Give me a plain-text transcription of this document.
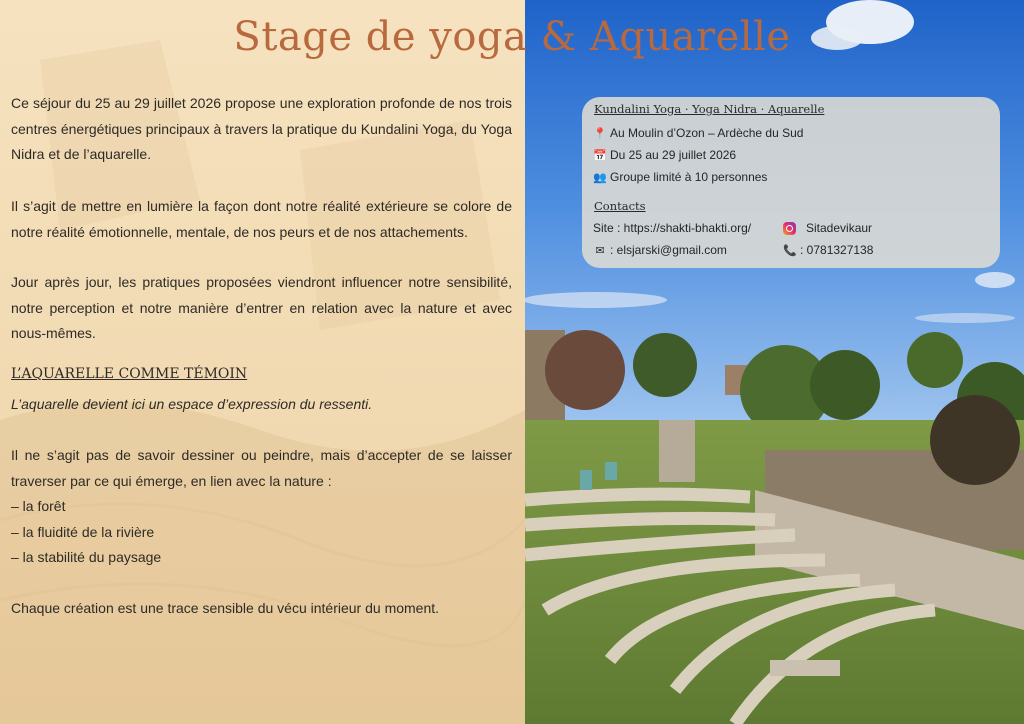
Stage de yoga & Aquarelle

Ce séjour du 25 au 29 juillet 2026 propose une exploration profonde de nos trois centres énergétiques principaux à travers la pratique du Kundalini Yoga, du Yoga Nidra et de l’aquarelle.

Il s’agit de mettre en lumière la façon dont notre réalité extérieure se colore de notre réalité émotionnelle, mentale, de nos peurs et de nos attachements.

Jour après jour, les pratiques proposées viendront influencer notre sensibilité, notre perception et notre manière d’entrer en relation avec la nature et avec nous-mêmes.

L’AQUARELLE COMME TÉMOIN

L’aquarelle devient ici un espace d’expression du ressenti.

Il ne s’agit pas de savoir dessiner ou peindre, mais d’accepter de se laisser traverser par ce qui émerge, en lien avec la nature :

– la forêt
– la fluidité de la rivière
– la stabilité du paysage

Chaque création est une trace sensible du vécu intérieur du moment.

Kundalini Yoga · Yoga Nidra · Aquarelle
📍 Au Moulin d’Ozon – Ardèche du Sud
📅 Du 25 au 29 juillet 2026
👥 Groupe limité à 10 personnes
Contacts
Site : https://shakti-bhakti.org/	Sitadevikaur
✉ : elsjarski@gmail.com	📞 : 0781327138
